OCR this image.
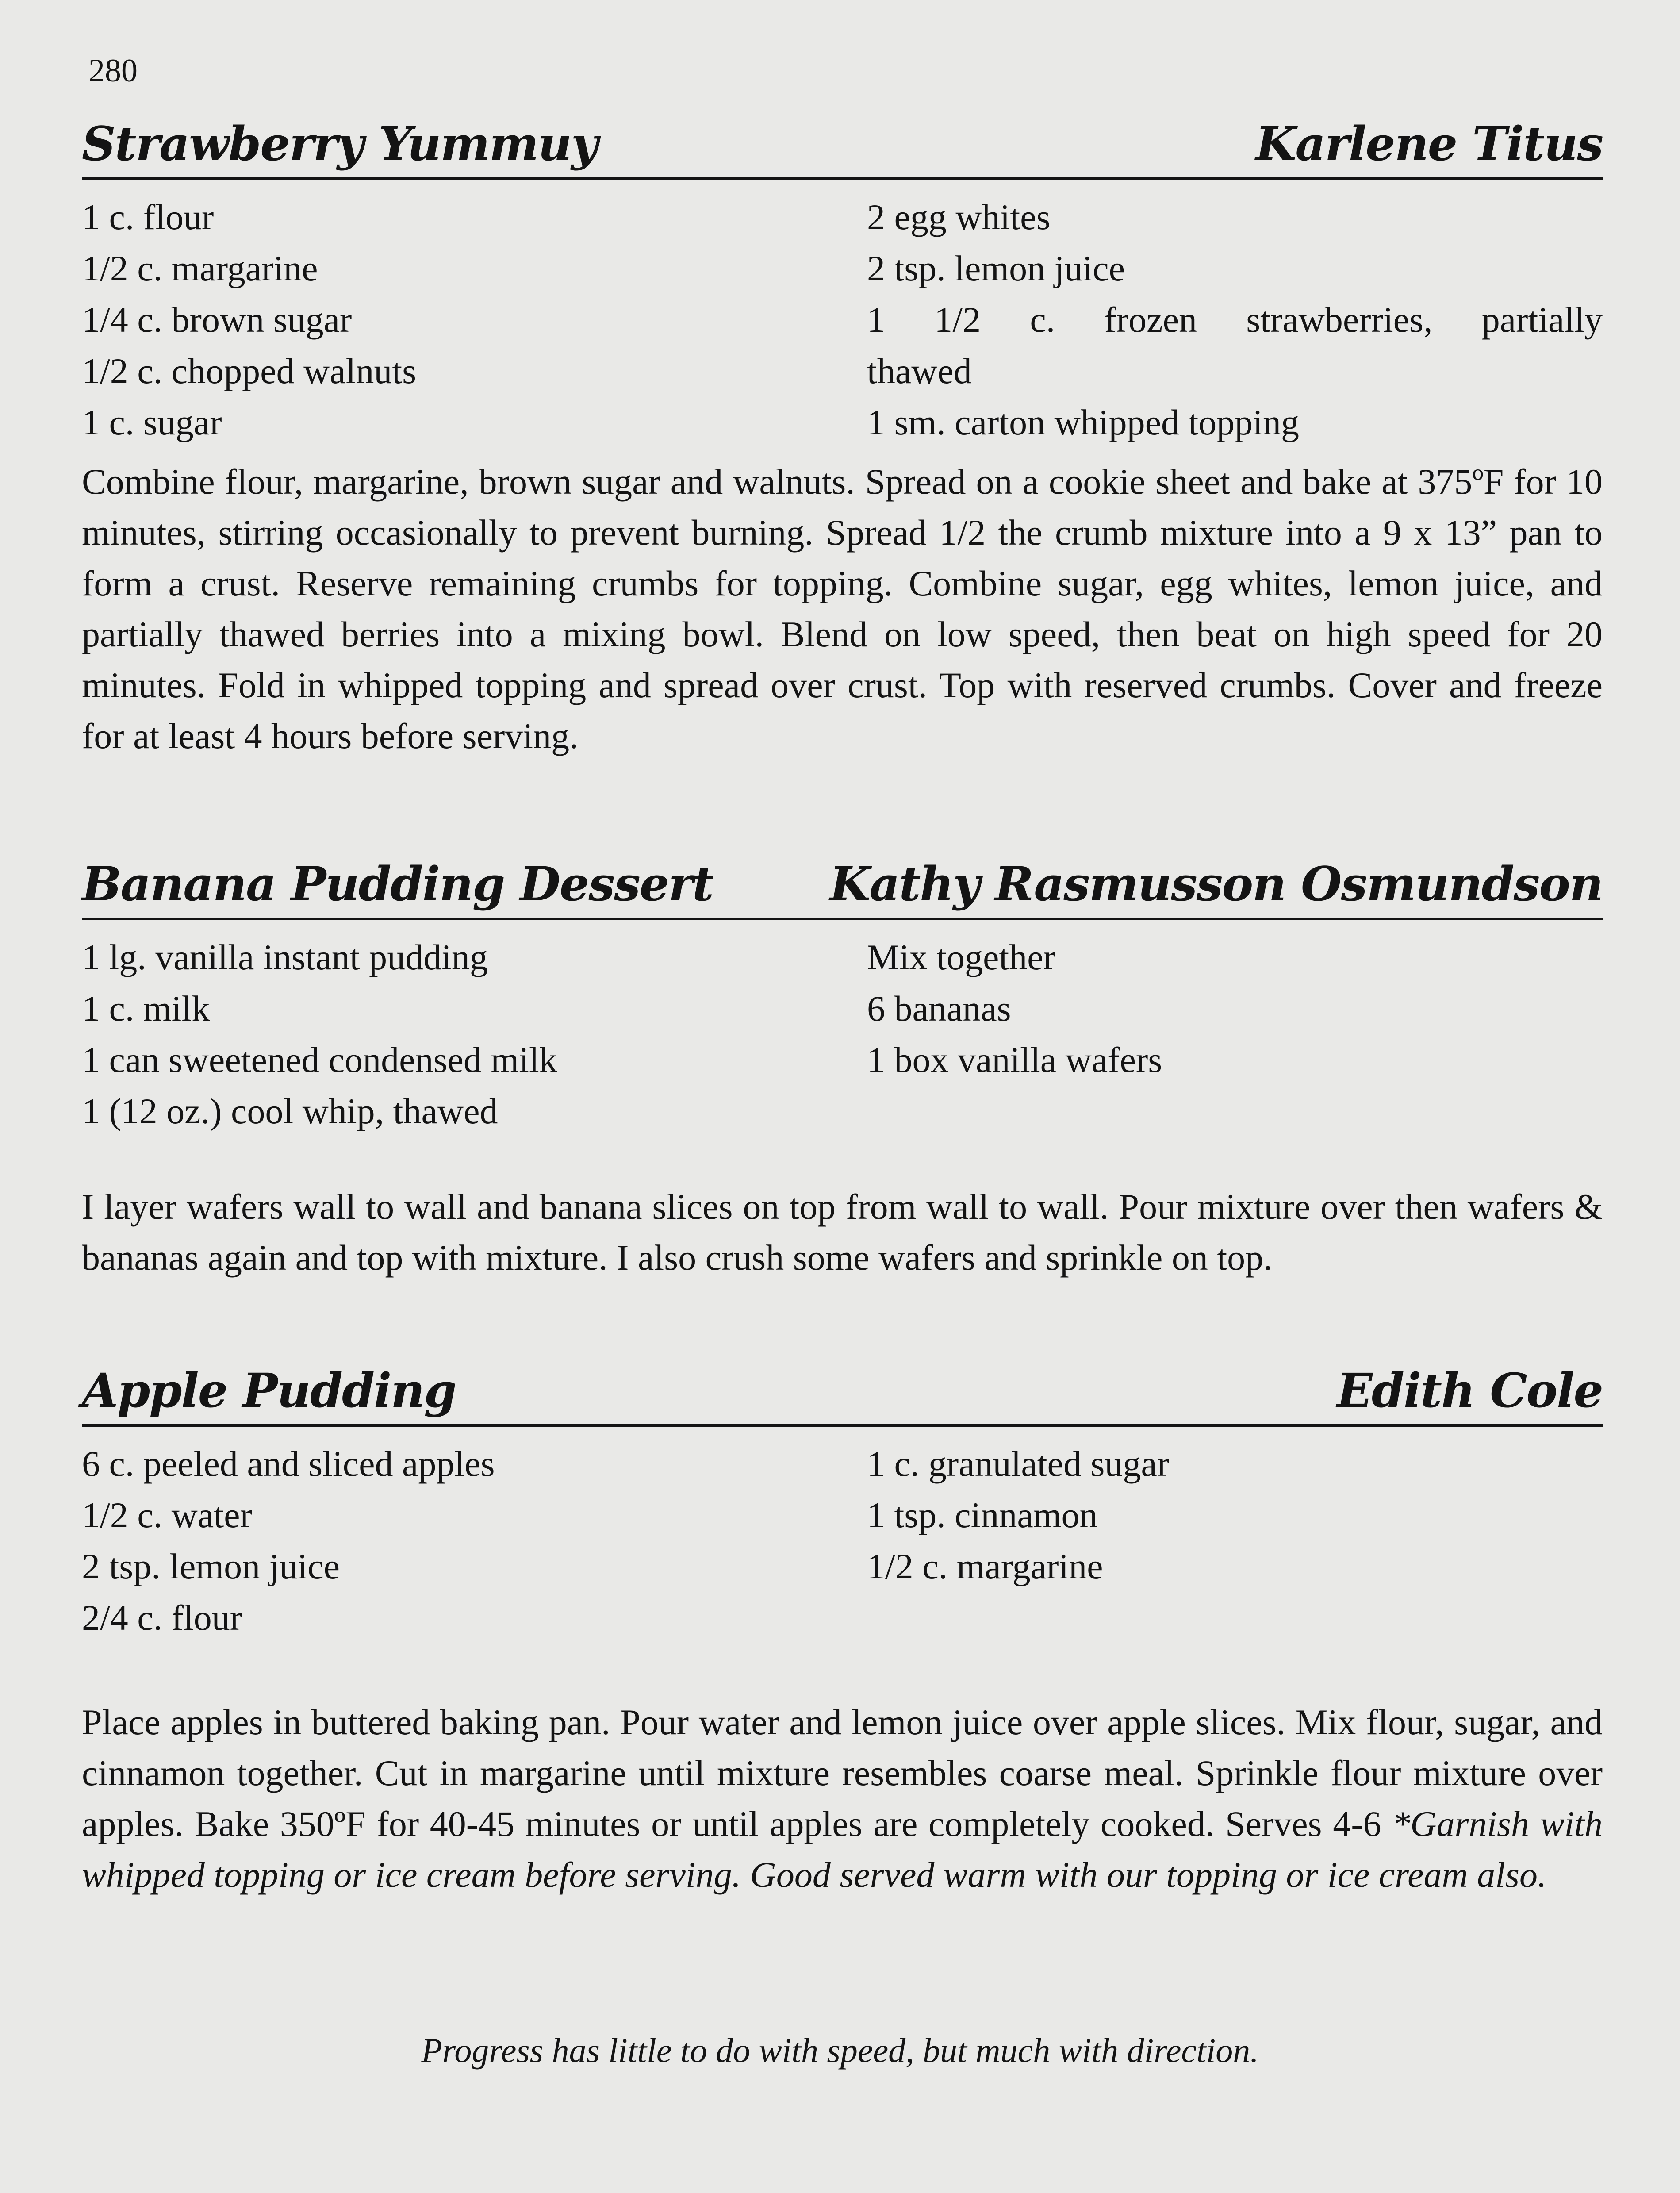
280
Strawberry Yummuy	Karlene Titus
1 c. flour
1/2 c. margarine
1/4 c. brown sugar
1/2 c. chopped walnuts
1 c. sugar
2 egg whites
2 tsp. lemon juice
1 1/2 c. frozen strawberries, partially
thawed
1 sm. carton whipped topping
Combine flour, margarine, brown sugar and walnuts. Spread on a cookie sheet and bake at 375ºF for 10 minutes, stirring occasionally to prevent burning. Spread 1/2 the crumb mixture into a 9 x 13” pan to form a crust. Reserve remaining crumbs for topping. Combine sugar, egg whites, lemon juice, and partially thawed berries into a mixing bowl. Blend on low speed, then beat on high speed for 20 minutes. Fold in whipped topping and spread over crust. Top with reserved crumbs. Cover and freeze for at least 4 hours before serving.
Banana Pudding Dessert Kathy Rasmusson Osmundson
1 lg. vanilla instant pudding
1 c. milk
1 can sweetened condensed milk
1 (12 oz.) cool whip, thawed
Mix together
6 bananas
1 box vanilla wafers
I layer wafers wall to wall and banana slices on top from wall to wall. Pour mixture over then wafers & bananas again and top with mixture. I also crush some wafers and sprinkle on top.
Apple Pudding	Edith Cole
6 c. peeled and sliced apples
1/2 c. water
2 tsp. lemon juice
2/4 c. flour
1 c. granulated sugar
1 tsp. cinnamon
1/2 c. margarine
Place apples in buttered baking pan. Pour water and lemon juice over apple slices. Mix flour, sugar, and cinnamon together. Cut in margarine until mixture resembles coarse meal. Sprinkle flour mixture over apples. Bake 350ºF for 40-45 minutes or until apples are completely cooked. Serves 4-6 *Garnish with whipped topping or ice cream before serving. Good served warm with our topping or ice cream also.
Progress has little to do with speed, but much with direction.
